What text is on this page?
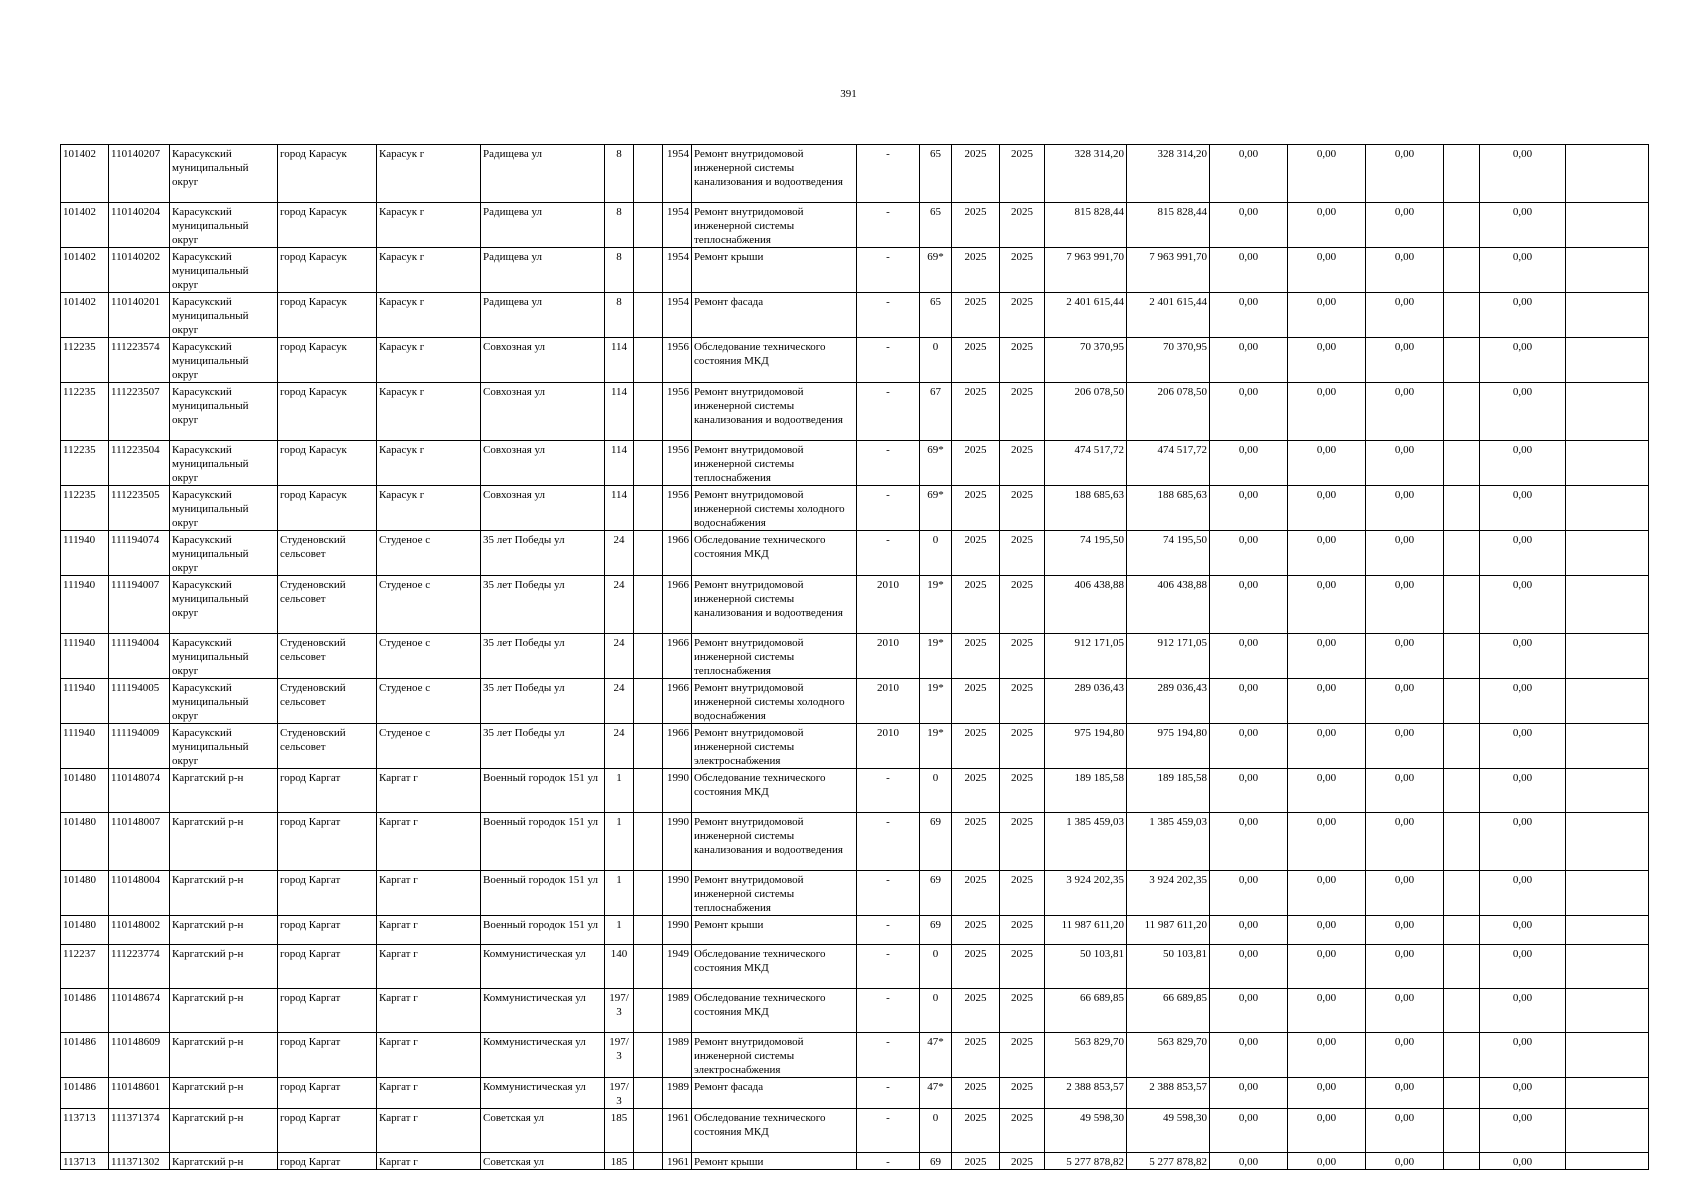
391
101402	110140207	Карасукский муниципальный округ	город Карасук	Карасук г	Радищева ул	8		1954	Ремонт внутридомовой инженерной системы канализования и водоотведения	-	65	2025	2025	328 314,20	328 314,20	0,00	0,00	0,00		0,00	
101402	110140204	Карасукский муниципальный округ	город Карасук	Карасук г	Радищева ул	8		1954	Ремонт внутридомовой инженерной системы теплоснабжения	-	65	2025	2025	815 828,44	815 828,44	0,00	0,00	0,00		0,00	
101402	110140202	Карасукский муниципальный округ	город Карасук	Карасук г	Радищева ул	8		1954	Ремонт крыши	-	69*	2025	2025	7 963 991,70	7 963 991,70	0,00	0,00	0,00		0,00	
101402	110140201	Карасукский муниципальный округ	город Карасук	Карасук г	Радищева ул	8		1954	Ремонт фасада	-	65	2025	2025	2 401 615,44	2 401 615,44	0,00	0,00	0,00		0,00	
112235	111223574	Карасукский муниципальный округ	город Карасук	Карасук г	Совхозная ул	114		1956	Обследование технического состояния МКД	-	0	2025	2025	70 370,95	70 370,95	0,00	0,00	0,00		0,00	
112235	111223507	Карасукский муниципальный округ	город Карасук	Карасук г	Совхозная ул	114		1956	Ремонт внутридомовой инженерной системы канализования и водоотведения	-	67	2025	2025	206 078,50	206 078,50	0,00	0,00	0,00		0,00	
112235	111223504	Карасукский муниципальный округ	город Карасук	Карасук г	Совхозная ул	114		1956	Ремонт внутридомовой инженерной системы теплоснабжения	-	69*	2025	2025	474 517,72	474 517,72	0,00	0,00	0,00		0,00	
112235	111223505	Карасукский муниципальный округ	город Карасук	Карасук г	Совхозная ул	114		1956	Ремонт внутридомовой инженерной системы холодного водоснабжения	-	69*	2025	2025	188 685,63	188 685,63	0,00	0,00	0,00		0,00	
111940	111194074	Карасукский муниципальный округ	Студеновский сельсовет	Студеное с	35 лет Победы ул	24		1966	Обследование технического состояния МКД	-	0	2025	2025	74 195,50	74 195,50	0,00	0,00	0,00		0,00	
111940	111194007	Карасукский муниципальный округ	Студеновский сельсовет	Студеное с	35 лет Победы ул	24		1966	Ремонт внутридомовой инженерной системы канализования и водоотведения	2010	19*	2025	2025	406 438,88	406 438,88	0,00	0,00	0,00		0,00	
111940	111194004	Карасукский муниципальный округ	Студеновский сельсовет	Студеное с	35 лет Победы ул	24		1966	Ремонт внутридомовой инженерной системы теплоснабжения	2010	19*	2025	2025	912 171,05	912 171,05	0,00	0,00	0,00		0,00	
111940	111194005	Карасукский муниципальный округ	Студеновский сельсовет	Студеное с	35 лет Победы ул	24		1966	Ремонт внутридомовой инженерной системы холодного водоснабжения	2010	19*	2025	2025	289 036,43	289 036,43	0,00	0,00	0,00		0,00	
111940	111194009	Карасукский муниципальный округ	Студеновский сельсовет	Студеное с	35 лет Победы ул	24		1966	Ремонт внутридомовой инженерной системы электроснабжения	2010	19*	2025	2025	975 194,80	975 194,80	0,00	0,00	0,00		0,00	
101480	110148074	Каргатский р-н	город Каргат	Каргат г	Военный городок 151 ул	1		1990	Обследование технического состояния МКД	-	0	2025	2025	189 185,58	189 185,58	0,00	0,00	0,00		0,00	
101480	110148007	Каргатский р-н	город Каргат	Каргат г	Военный городок 151 ул	1		1990	Ремонт внутридомовой инженерной системы канализования и водоотведения	-	69	2025	2025	1 385 459,03	1 385 459,03	0,00	0,00	0,00		0,00	
101480	110148004	Каргатский р-н	город Каргат	Каргат г	Военный городок 151 ул	1		1990	Ремонт внутридомовой инженерной системы теплоснабжения	-	69	2025	2025	3 924 202,35	3 924 202,35	0,00	0,00	0,00		0,00	
101480	110148002	Каргатский р-н	город Каргат	Каргат г	Военный городок 151 ул	1		1990	Ремонт крыши	-	69	2025	2025	11 987 611,20	11 987 611,20	0,00	0,00	0,00		0,00	
112237	111223774	Каргатский р-н	город Каргат	Каргат г	Коммунистическая ул	140		1949	Обследование технического состояния МКД	-	0	2025	2025	50 103,81	50 103,81	0,00	0,00	0,00		0,00	
101486	110148674	Каргатский р-н	город Каргат	Каргат г	Коммунистическая ул	197/3		1989	Обследование технического состояния МКД	-	0	2025	2025	66 689,85	66 689,85	0,00	0,00	0,00		0,00	
101486	110148609	Каргатский р-н	город Каргат	Каргат г	Коммунистическая ул	197/3		1989	Ремонт внутридомовой инженерной системы электроснабжения	-	47*	2025	2025	563 829,70	563 829,70	0,00	0,00	0,00		0,00	
101486	110148601	Каргатский р-н	город Каргат	Каргат г	Коммунистическая ул	197/3		1989	Ремонт фасада	-	47*	2025	2025	2 388 853,57	2 388 853,57	0,00	0,00	0,00		0,00	
113713	111371374	Каргатский р-н	город Каргат	Каргат г	Советская ул	185		1961	Обследование технического состояния МКД	-	0	2025	2025	49 598,30	49 598,30	0,00	0,00	0,00		0,00	
113713	111371302	Каргатский р-н	город Каргат	Каргат г	Советская ул	185		1961	Ремонт крыши	-	69	2025	2025	5 277 878,82	5 277 878,82	0,00	0,00	0,00		0,00	
